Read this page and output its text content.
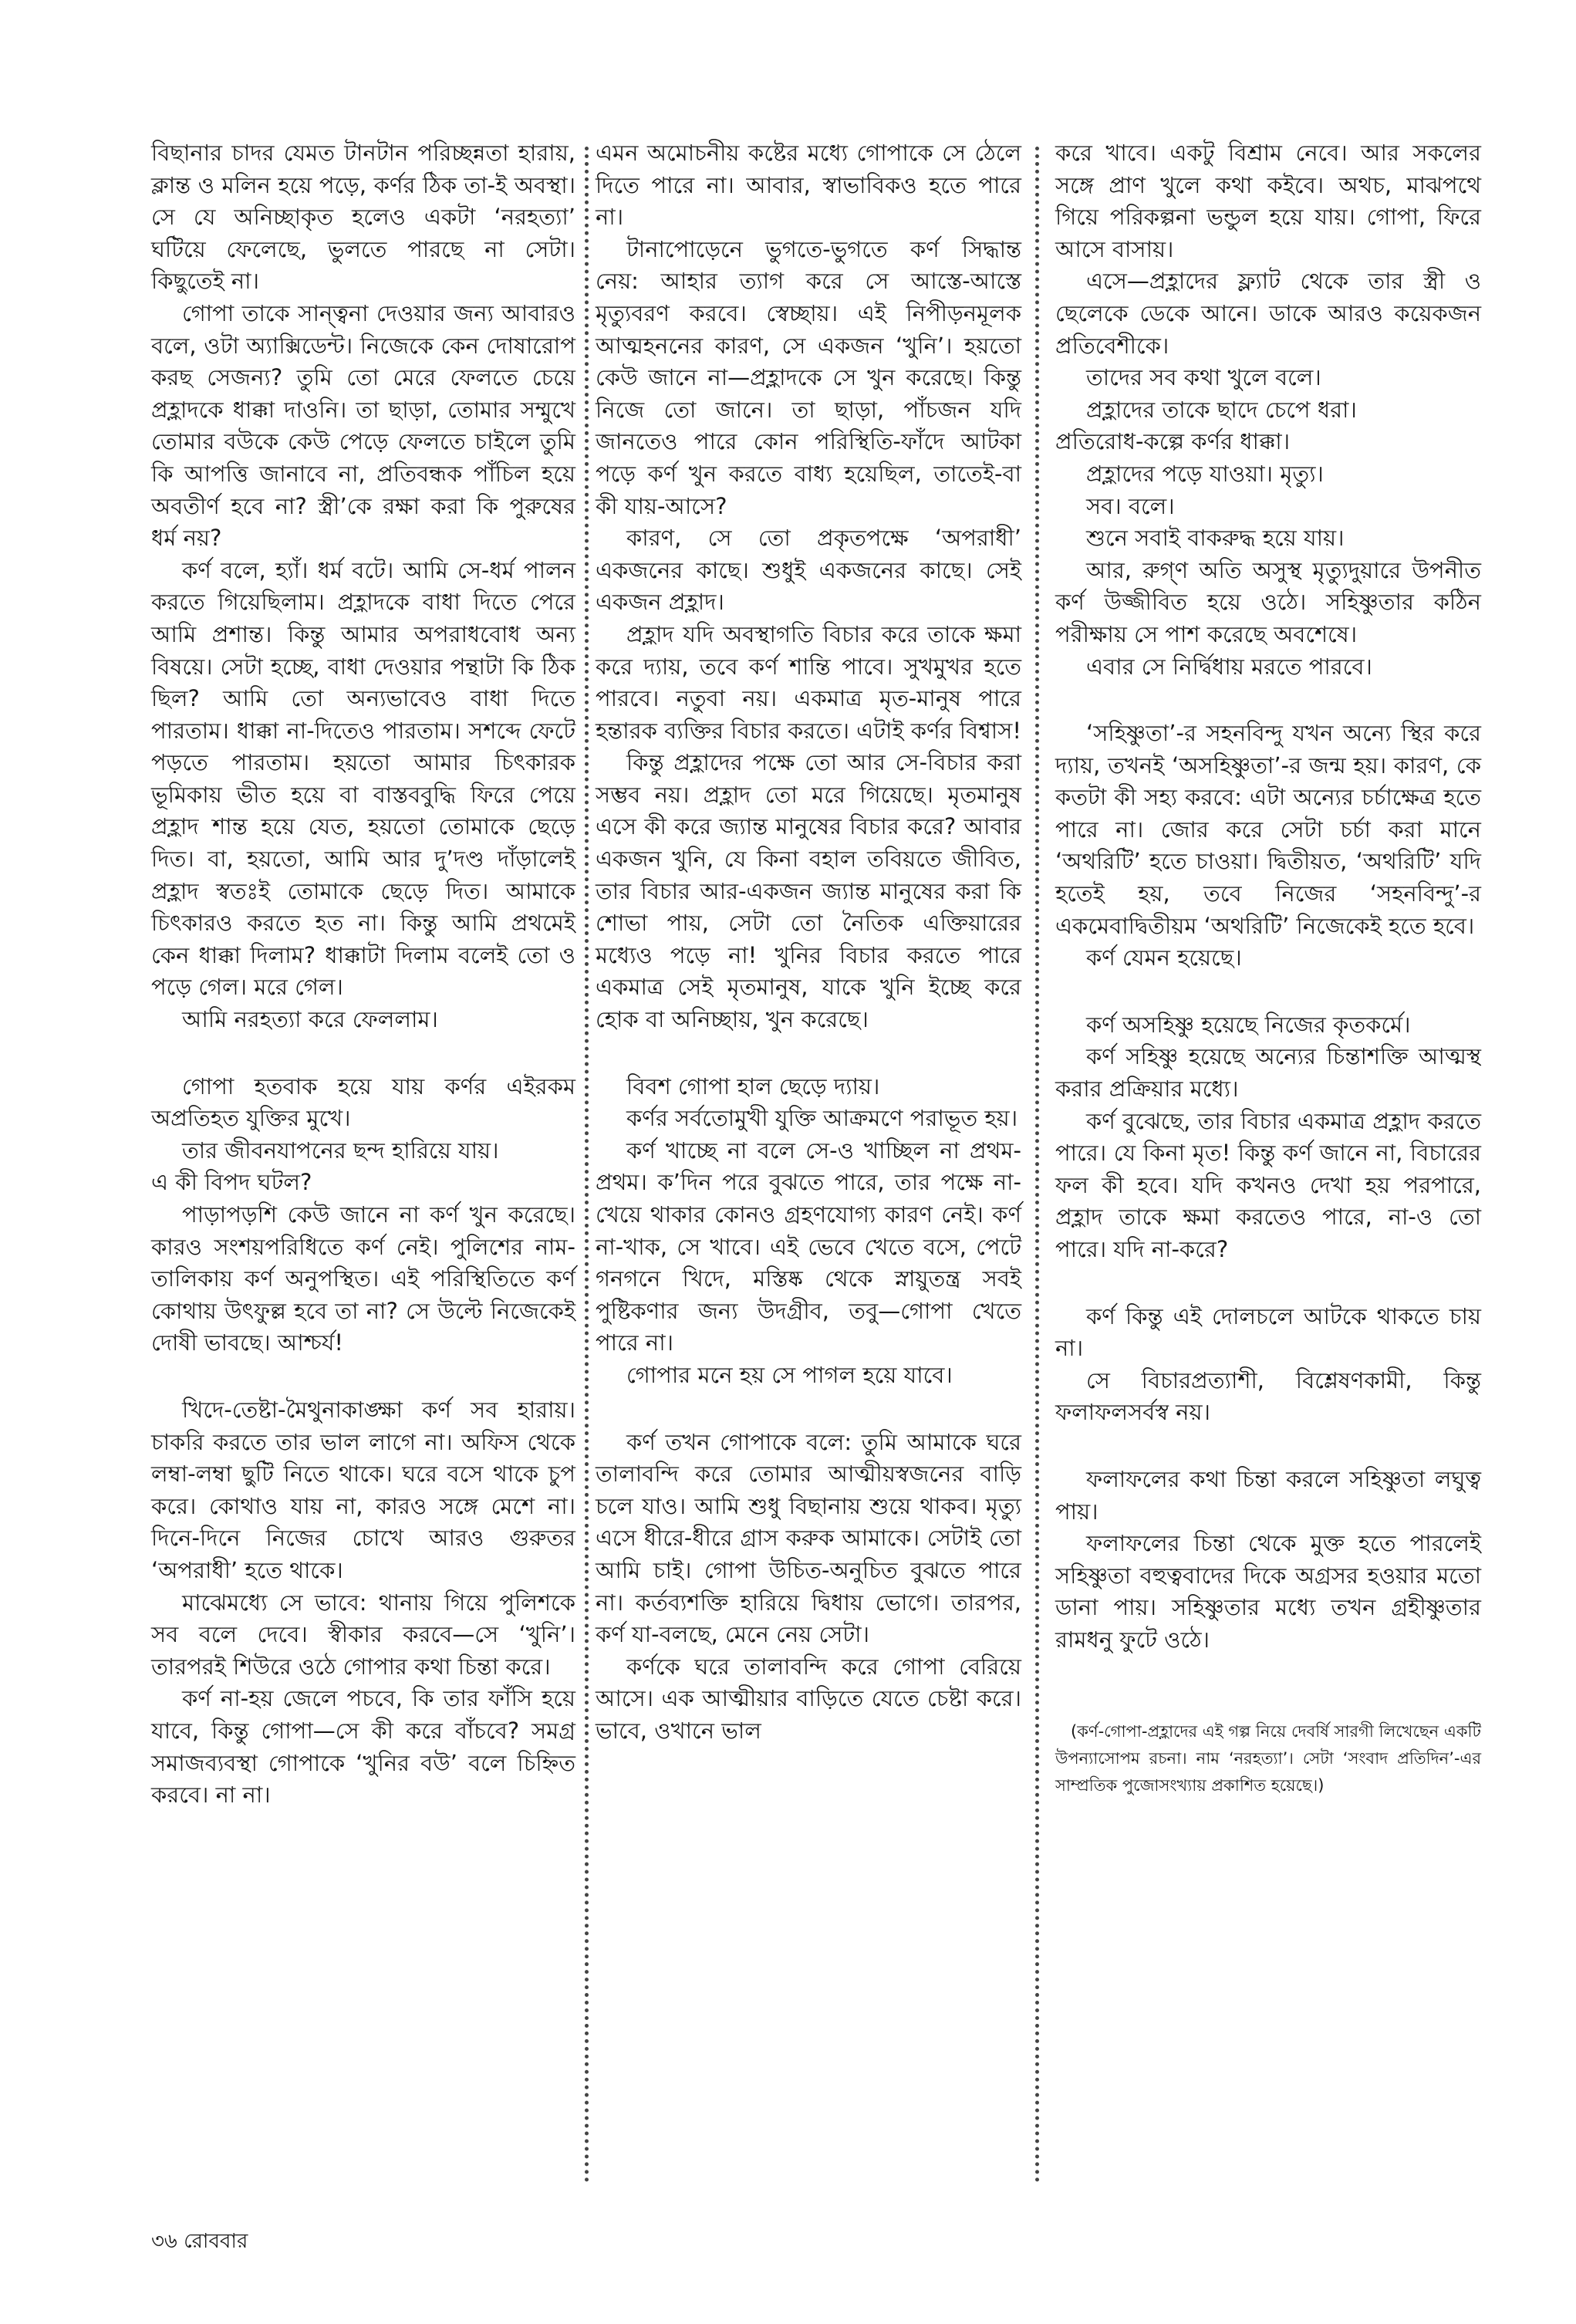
বিছানার চাদর যেমত টানটান পরিচ্ছন্নতা হারায়, ক্লান্ত ও মলিন হয়ে পড়ে, কর্ণর ঠিক তা-ই অবস্থা। সে যে অনিচ্ছাকৃত হলেও একটা ‘নরহত্যা’ ঘটিয়ে ফেলেছে, ভুলতে পারছে না সেটা। কিছুতেই না।

গোপা তাকে সান্ত্বনা দেওয়ার জন্য আবারও বলে, ওটা অ্যাক্সিডেন্ট। নিজেকে কেন দোষারোপ করছ সেজন্য? তুমি তো মেরে ফেলতে চেয়ে প্রহ্লাদকে ধাক্কা দাওনি। তা ছাড়া, তোমার সম্মুখে তোমার বউকে কেউ পেড়ে ফেলতে চাইলে তুমি কি আপত্তি জানাবে না, প্রতিবন্ধক পাঁচিল হয়ে অবতীর্ণ হবে না? স্ত্রী’কে রক্ষা করা কি পুরুষের ধর্ম নয়?

কর্ণ বলে, হ্যাঁ। ধর্ম বটে। আমি সে-ধর্ম পালন করতে গিয়েছিলাম। প্রহ্লাদকে বাধা দিতে পেরে আমি প্রশান্ত। কিন্তু আমার অপরাধবোধ অন্য বিষয়ে। সেটা হচ্ছে, বাধা দেওয়ার পন্থাটা কি ঠিক ছিল? আমি তো অন্যভাবেও বাধা দিতে পারতাম। ধাক্কা না-দিতেও পারতাম। সশব্দে ফেটে পড়তে পারতাম। হয়তো আমার চিৎকারক ভূমিকায় ভীত হয়ে বা বাস্তববুদ্ধি ফিরে পেয়ে প্রহ্লাদ শান্ত হয়ে যেত, হয়তো তোমাকে ছেড়ে দিত। বা, হয়তো, আমি আর দু’দণ্ড দাঁড়ালেই প্রহ্লাদ স্বতঃই তোমাকে ছেড়ে দিত। আমাকে চিৎকারও করতে হত না। কিন্তু আমি প্রথমেই কেন ধাক্কা দিলাম? ধাক্কাটা দিলাম বলেই তো ও পড়ে গেল। মরে গেল।

আমি নরহত্যা করে ফেললাম।

গোপা হতবাক হয়ে যায় কর্ণর এইরকম অপ্রতিহত যুক্তির মুখে।

তার জীবনযাপনের ছন্দ হারিয়ে যায়।

এ কী বিপদ ঘটল?

পাড়াপড়শি কেউ জানে না কর্ণ খুন করেছে। কারও সংশয়পরিধিতে কর্ণ নেই। পুলিশের নাম-তালিকায় কর্ণ অনুপস্থিত। এই পরিস্থিতিতে কর্ণ কোথায় উৎফুল্ল হবে তা না? সে উল্টে নিজেকেই দোষী ভাবছে। আশ্চর্য!

খিদে-তেষ্টা-মৈথুনাকাঙ্ক্ষা কর্ণ সব হারায়। চাকরি করতে তার ভাল লাগে না। অফিস থেকে লম্বা-লম্বা ছুটি নিতে থাকে। ঘরে বসে থাকে চুপ করে। কোথাও যায় না, কারও সঙ্গে মেশে না। দিনে-দিনে নিজের চোখে আরও গুরুতর ‘অপরাধী’ হতে থাকে।

মাঝেমধ্যে সে ভাবে: থানায় গিয়ে পুলিশকে সব বলে দেবে। স্বীকার করবে—সে ‘খুনি’। তারপরই শিউরে ওঠে গোপার কথা চিন্তা করে।

কর্ণ না-হয় জেলে পচবে, কি তার ফাঁসি হয়ে যাবে, কিন্তু গোপা—সে কী করে বাঁচবে? সমগ্র সমাজব্যবস্থা গোপাকে ‘খুনির বউ’ বলে চিহ্নিত করবে। না না।

এমন অমোচনীয় কষ্টের মধ্যে গোপাকে সে ঠেলে দিতে পারে না। আবার, স্বাভাবিকও হতে পারে না।

টানাপোড়েনে ভুগতে-ভুগতে কর্ণ সিদ্ধান্ত নেয়: আহার ত্যাগ করে সে আস্তে-আস্তে মৃত্যুবরণ করবে। স্বেচ্ছায়। এই নিপীড়নমূলক আত্মহননের কারণ, সে একজন ‘খুনি’। হয়তো কেউ জানে না—প্রহ্লাদকে সে খুন করেছে। কিন্তু নিজে তো জানে। তা ছাড়া, পাঁচজন যদি জানতেও পারে কোন পরিস্থিতি-ফাঁদে আটকা পড়ে কর্ণ খুন করতে বাধ্য হয়েছিল, তাতেই-বা কী যায়-আসে?

কারণ, সে তো প্রকৃতপক্ষে ‘অপরাধী’ একজনের কাছে। শুধুই একজনের কাছে। সেই একজন প্রহ্লাদ।

প্রহ্লাদ যদি অবস্থাগতি বিচার করে তাকে ক্ষমা করে দ্যায়, তবে কর্ণ শান্তি পাবে। সুখমুখর হতে পারবে। নতুবা নয়। একমাত্র মৃত-মানুষ পারে হন্তারক ব্যক্তির বিচার করতে। এটাই কর্ণর বিশ্বাস!

কিন্তু প্রহ্লাদের পক্ষে তো আর সে-বিচার করা সম্ভব নয়। প্রহ্লাদ তো মরে গিয়েছে। মৃতমানুষ এসে কী করে জ্যান্ত মানুষের বিচার করে? আবার একজন খুনি, যে কিনা বহাল তবিয়তে জীবিত, তার বিচার আর-একজন জ্যান্ত মানুষের করা কি শোভা পায়, সেটা তো নৈতিক এক্তিয়ারের মধ্যেও পড়ে না! খুনির বিচার করতে পারে একমাত্র সেই মৃতমানুষ, যাকে খুনি ইচ্ছে করে হোক বা অনিচ্ছায়, খুন করেছে।

বিবশ গোপা হাল ছেড়ে দ্যায়।

কর্ণর সর্বতোমুখী যুক্তি আক্রমণে পরাভূত হয়।

কর্ণ খাচ্ছে না বলে সে-ও খাচ্ছিল না প্রথম-প্রথম। ক’দিন পরে বুঝতে পারে, তার পক্ষে না-খেয়ে থাকার কোনও গ্রহণযোগ্য কারণ নেই। কর্ণ না-খাক, সে খাবে। এই ভেবে খেতে বসে, পেটে গনগনে খিদে, মস্তিষ্ক থেকে স্নায়ুতন্ত্র সবই পুষ্টিকণার জন্য উদগ্রীব, তবু—গোপা খেতে পারে না।

গোপার মনে হয় সে পাগল হয়ে যাবে।

কর্ণ তখন গোপাকে বলে: তুমি আমাকে ঘরে তালাবন্দি করে তোমার আত্মীয়স্বজনের বাড়ি চলে যাও। আমি শুধু বিছানায় শুয়ে থাকব। মৃত্যু এসে ধীরে-ধীরে গ্রাস করুক আমাকে। সেটাই তো আমি চাই। গোপা উচিত-অনুচিত বুঝতে পারে না। কর্তব্যশক্তি হারিয়ে দ্বিধায় ভোগে। তারপর, কর্ণ যা-বলছে, মেনে নেয় সেটা।

কর্ণকে ঘরে তালাবন্দি করে গোপা বেরিয়ে আসে। এক আত্মীয়ার বাড়িতে যেতে চেষ্টা করে। ভাবে, ওখানে ভাল

করে খাবে। একটু বিশ্রাম নেবে। আর সকলের সঙ্গে প্রাণ খুলে কথা কইবে। অথচ, মাঝপথে গিয়ে পরিকল্পনা ভন্ডুল হয়ে যায়। গোপা, ফিরে আসে বাসায়।

এসে—প্রহ্লাদের ফ্ল্যাট থেকে তার স্ত্রী ও ছেলেকে ডেকে আনে। ডাকে আরও কয়েকজন প্রতিবেশীকে।

তাদের সব কথা খুলে বলে।

প্রহ্লাদের তাকে ছাদে চেপে ধরা।

প্রতিরোধ-কল্পে কর্ণর ধাক্কা।

প্রহ্লাদের পড়ে যাওয়া। মৃত্যু।

সব। বলে।

শুনে সবাই বাকরুদ্ধ হয়ে যায়।

আর, রুগ্ণ অতি অসুস্থ মৃত্যুদুয়ারে উপনীত কর্ণ উজ্জীবিত হয়ে ওঠে। সহিষ্ণুতার কঠিন পরীক্ষায় সে পাশ করেছে অবশেষে।

এবার সে নির্দ্বিধায় মরতে পারবে।

‘সহিষ্ণুতা’-র সহনবিন্দু যখন অন্যে স্থির করে দ্যায়, তখনই ‘অসহিষ্ণুতা’-র জন্ম হয়। কারণ, কে কতটা কী সহ্য করবে: এটা অন্যের চর্চাক্ষেত্র হতে পারে না। জোর করে সেটা চর্চা করা মানে ‘অথরিটি’ হতে চাওয়া। দ্বিতীয়ত, ‘অথরিটি’ যদি হতেই হয়, তবে নিজের ‘সহনবিন্দু’-র একমেবাদ্বিতীয়ম ‘অথরিটি’ নিজেকেই হতে হবে।

কর্ণ যেমন হয়েছে।

কর্ণ অসহিষ্ণু হয়েছে নিজের কৃতকর্মে।

কর্ণ সহিষ্ণু হয়েছে অন্যের চিন্তাশক্তি আত্মস্থ করার প্রক্রিয়ার মধ্যে।

কর্ণ বুঝেছে, তার বিচার একমাত্র প্রহ্লাদ করতে পারে। যে কিনা মৃত! কিন্তু কর্ণ জানে না, বিচারের ফল কী হবে। যদি কখনও দেখা হয় পরপারে, প্রহ্লাদ তাকে ক্ষমা করতেও পারে, না-ও তো পারে। যদি না-করে?

কর্ণ কিন্তু এই দোলচলে আটকে থাকতে চায় না।

সে বিচারপ্রত্যাশী, বিশ্লেষণকামী, কিন্তু ফলাফলসর্বস্ব নয়।

ফলাফলের কথা চিন্তা করলে সহিষ্ণুতা লঘুত্ব পায়।

ফলাফলের চিন্তা থেকে মুক্ত হতে পারলেই সহিষ্ণুতা বহুত্ববাদের দিকে অগ্রসর হওয়ার মতো ডানা পায়। সহিষ্ণুতার মধ্যে তখন গ্রহীষ্ণুতার রামধনু ফুটে ওঠে।

(কর্ণ-গোপা-প্রহ্লাদের এই গল্প নিয়ে দেবর্ষি সারগী লিখেছেন একটি উপন্যাসোপম রচনা। নাম ‘নরহত্যা’। সেটা ‘সংবাদ প্রতিদিন’-এর সাম্প্রতিক পুজোসংখ্যায় প্রকাশিত হয়েছে।)

৩৬ রোববার
